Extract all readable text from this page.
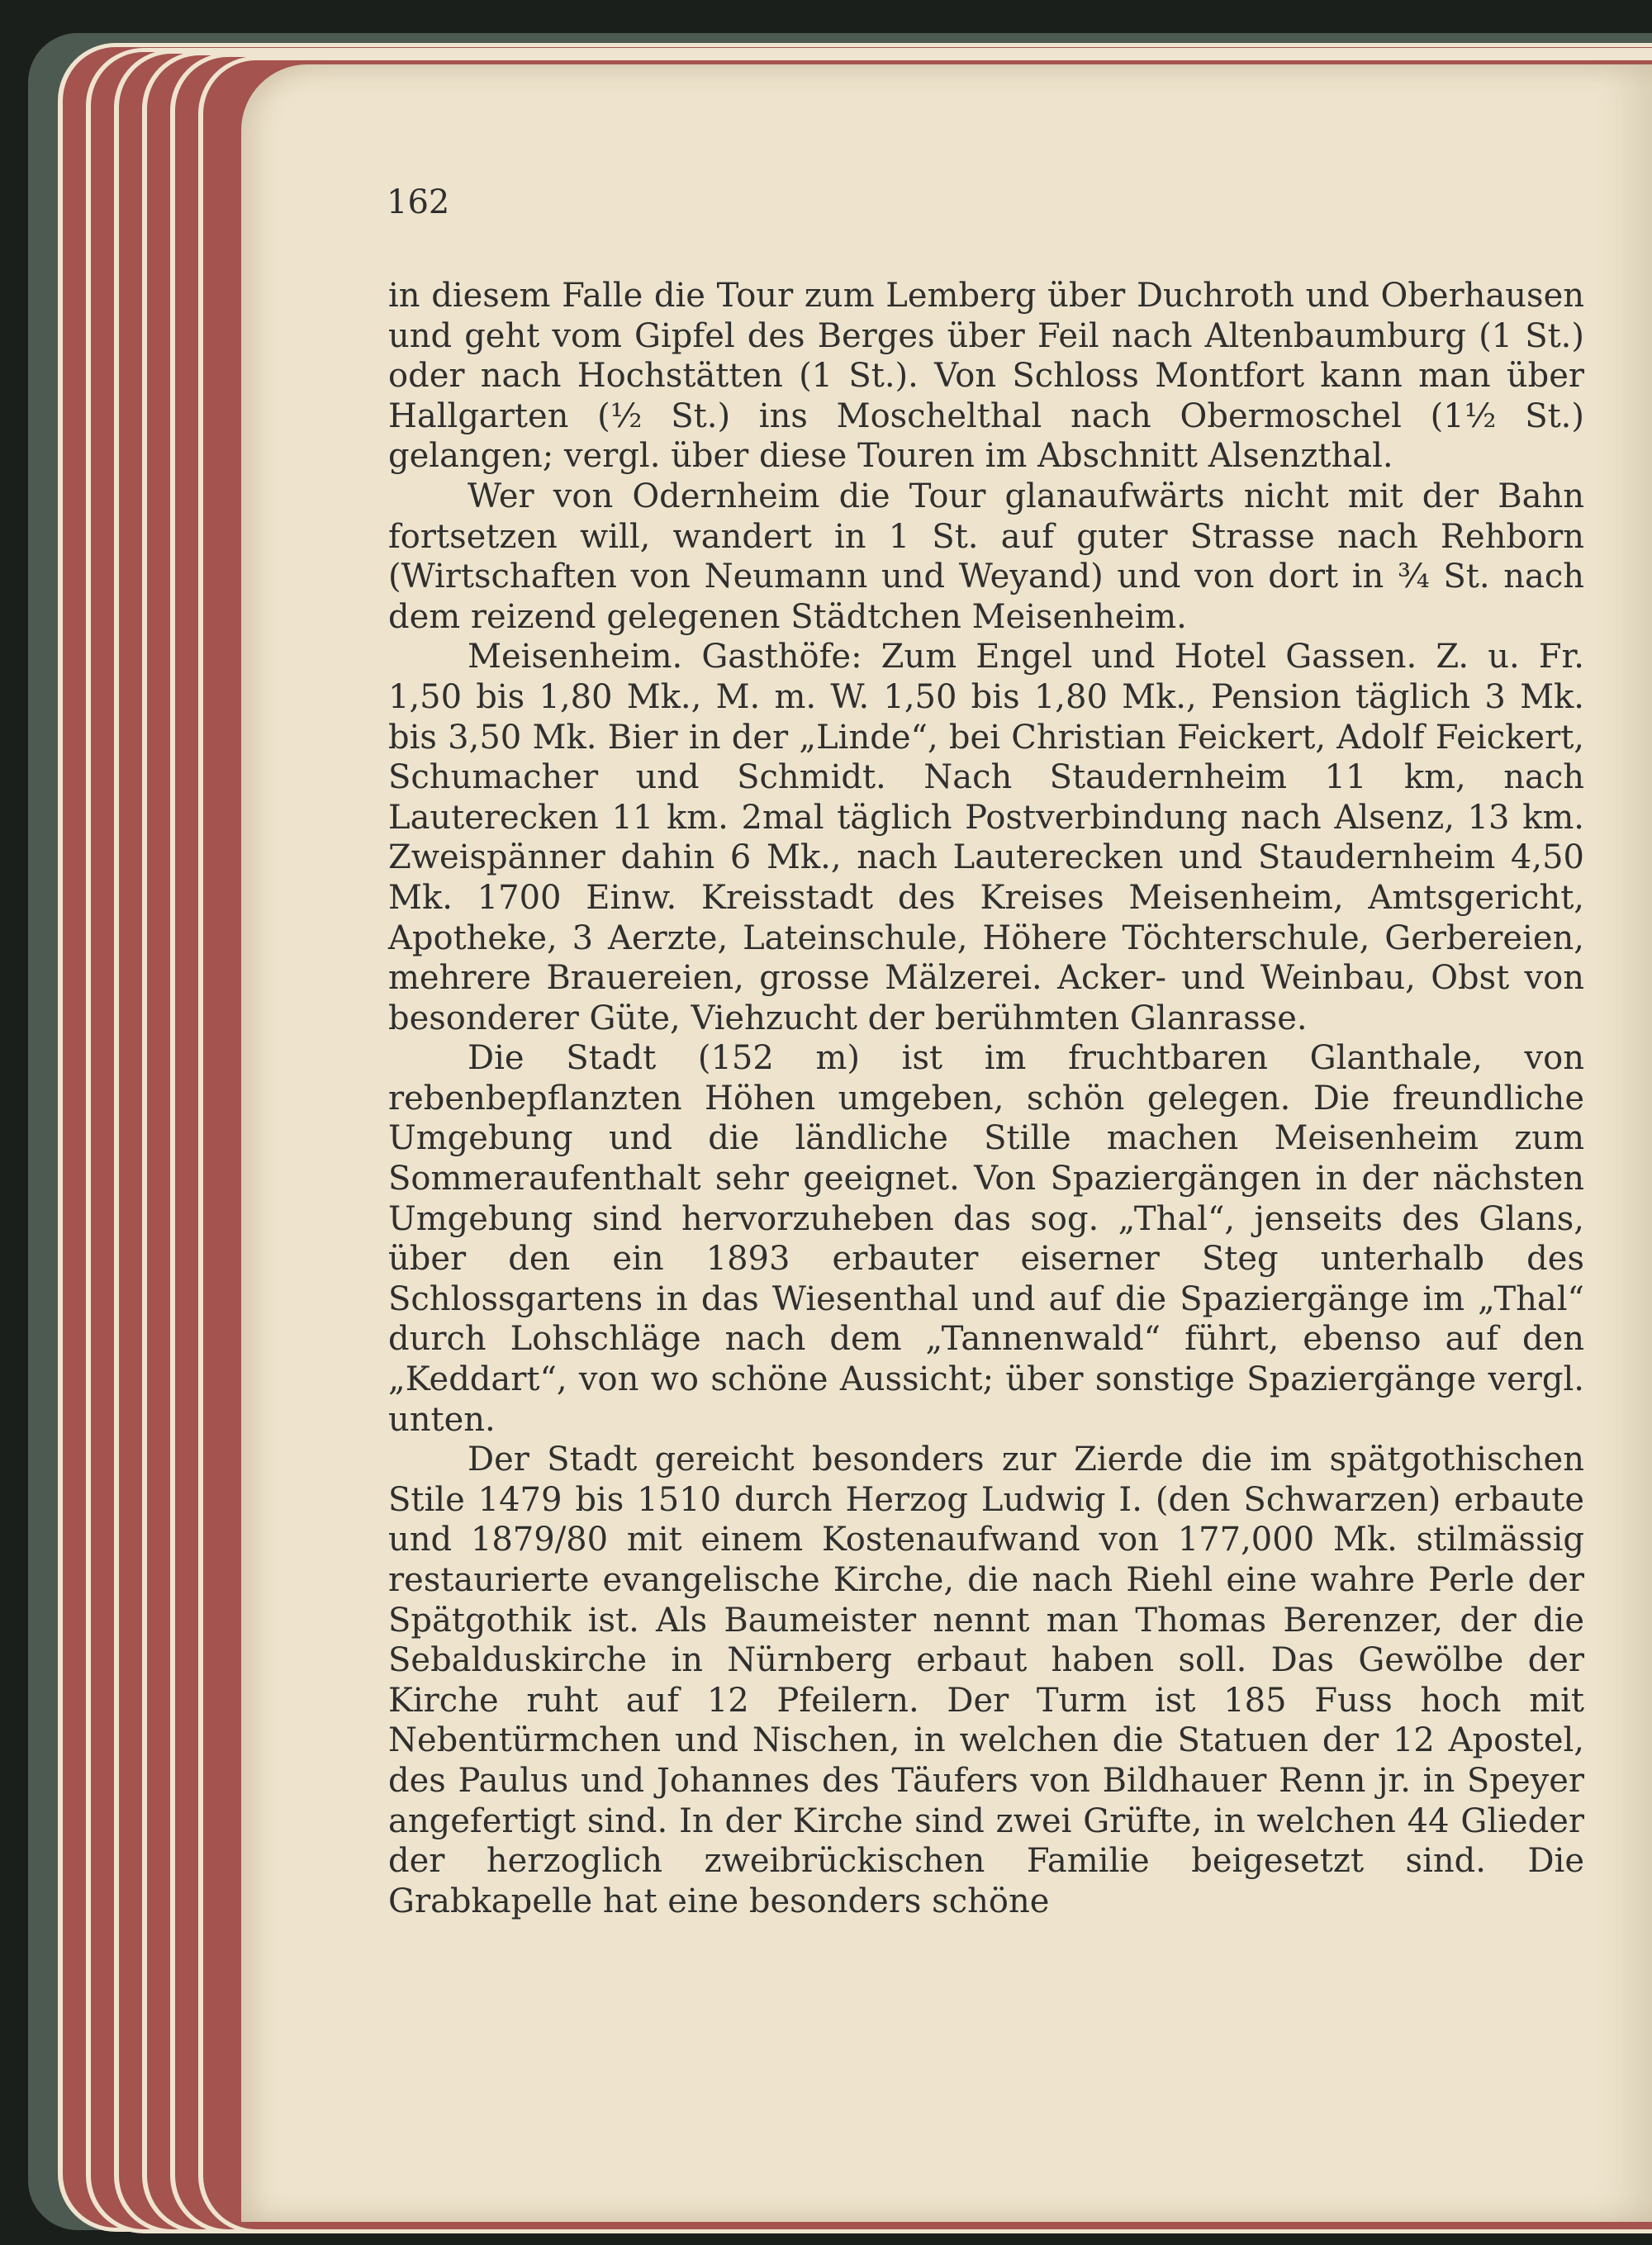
162

in diesem Falle die Tour zum Lemberg über Duchroth und Oberhausen und geht vom Gipfel des Berges über Feil nach Altenbaumburg (1 St.) oder nach Hochstätten (1 St.). Von Schloss Montfort kann man über Hallgarten (½ St.) ins Moschelthal nach Obermoschel (1½ St.) gelangen; vergl. über diese Touren im Abschnitt Alsenzthal.

Wer von Odernheim die Tour glanaufwärts nicht mit der Bahn fortsetzen will, wandert in 1 St. auf guter Strasse nach Rehborn (Wirtschaften von Neumann und Weyand) und von dort in ¾ St. nach dem reizend gelegenen Städtchen Meisenheim.

Meisenheim. Gasthöfe: Zum Engel und Hotel Gassen. Z. u. Fr. 1,50 bis 1,80 Mk., M. m. W. 1,50 bis 1,80 Mk., Pension täglich 3 Mk. bis 3,50 Mk. Bier in der „Linde“, bei Christian Feickert, Adolf Feickert, Schumacher und Schmidt. Nach Staudernheim 11 km, nach Lauterecken 11 km. 2mal täglich Postverbindung nach Alsenz, 13 km. Zweispänner dahin 6 Mk., nach Lauterecken und Staudernheim 4,50 Mk. 1700 Einw. Kreisstadt des Kreises Meisenheim, Amtsgericht, Apotheke, 3 Aerzte, Lateinschule, Höhere Töchterschule, Gerbereien, mehrere Brauereien, grosse Mälzerei. Acker- und Weinbau, Obst von besonderer Güte, Viehzucht der berühmten Glanrasse.

Die Stadt (152 m) ist im fruchtbaren Glanthale, von rebenbepflanzten Höhen umgeben, schön gelegen. Die freundliche Umgebung und die ländliche Stille machen Meisenheim zum Sommeraufenthalt sehr geeignet. Von Spaziergängen in der nächsten Umgebung sind hervorzuheben das sog. „Thal“, jenseits des Glans, über den ein 1893 erbauter eiserner Steg unterhalb des Schlossgartens in das Wiesenthal und auf die Spaziergänge im „Thal“ durch Lohschläge nach dem „Tannenwald“ führt, ebenso auf den „Keddart“, von wo schöne Aussicht; über sonstige Spaziergänge vergl. unten.

Der Stadt gereicht besonders zur Zierde die im spätgothischen Stile 1479 bis 1510 durch Herzog Ludwig I. (den Schwarzen) erbaute und 1879/80 mit einem Kostenaufwand von 177,000 Mk. stilmässig restaurierte evangelische Kirche, die nach Riehl eine wahre Perle der Spätgothik ist. Als Baumeister nennt man Thomas Berenzer, der die Sebalduskirche in Nürnberg erbaut haben soll. Das Gewölbe der Kirche ruht auf 12 Pfeilern. Der Turm ist 185 Fuss hoch mit Nebentürmchen und Nischen, in welchen die Statuen der 12 Apostel, des Paulus und Johannes des Täufers von Bildhauer Renn jr. in Speyer angefertigt sind. In der Kirche sind zwei Grüfte, in welchen 44 Glieder der herzoglich zweibrückischen Familie beigesetzt sind. Die Grabkapelle hat eine besonders schöne
